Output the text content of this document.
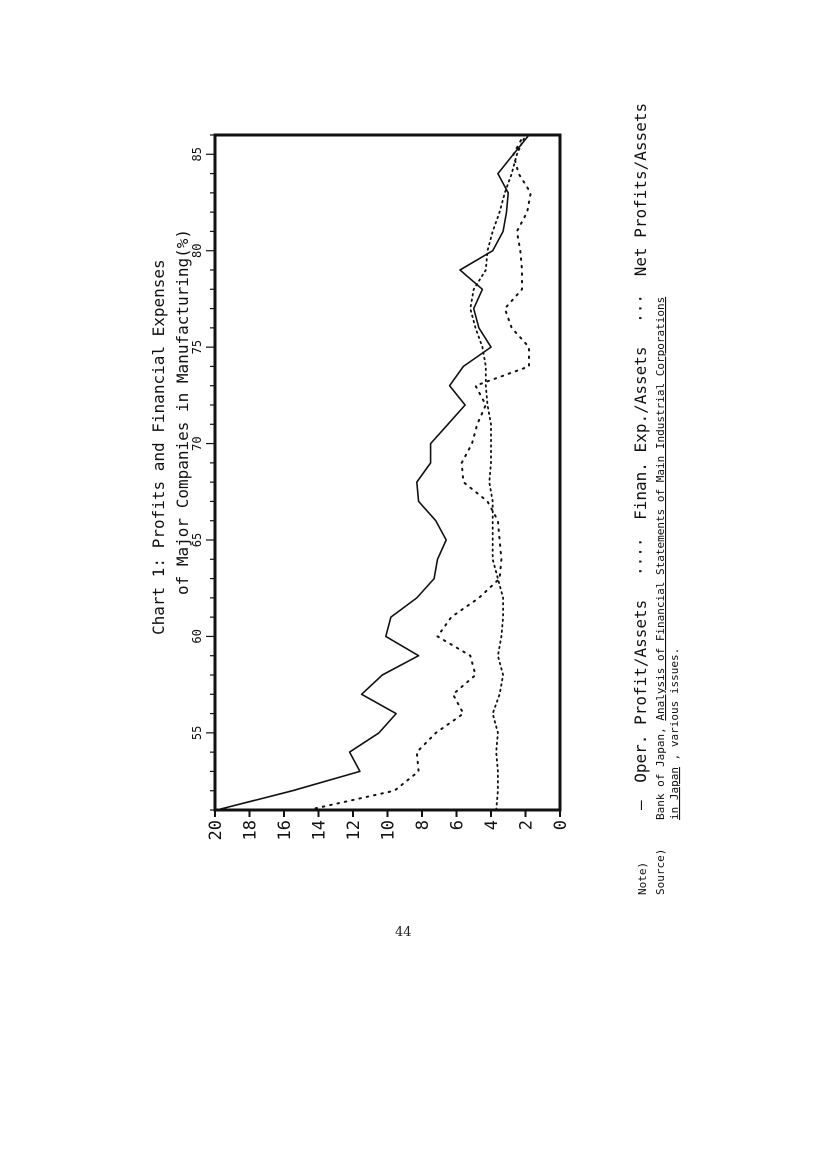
Chart 1: Profits and Financial Expenses of Major Companies in Manufacturing(%)
55
60
65
70
75
80
85
0
2
4
6
8
10
12
14
16
18
20
— Oper. Profit/Assets ···· Finan. Exp./Assets ··· Net Profits/Assets
Bank of Japan, Analysis of Financial Statements of Main Industrial Corporations
in Japan , various issues.
Note) Source)
44
